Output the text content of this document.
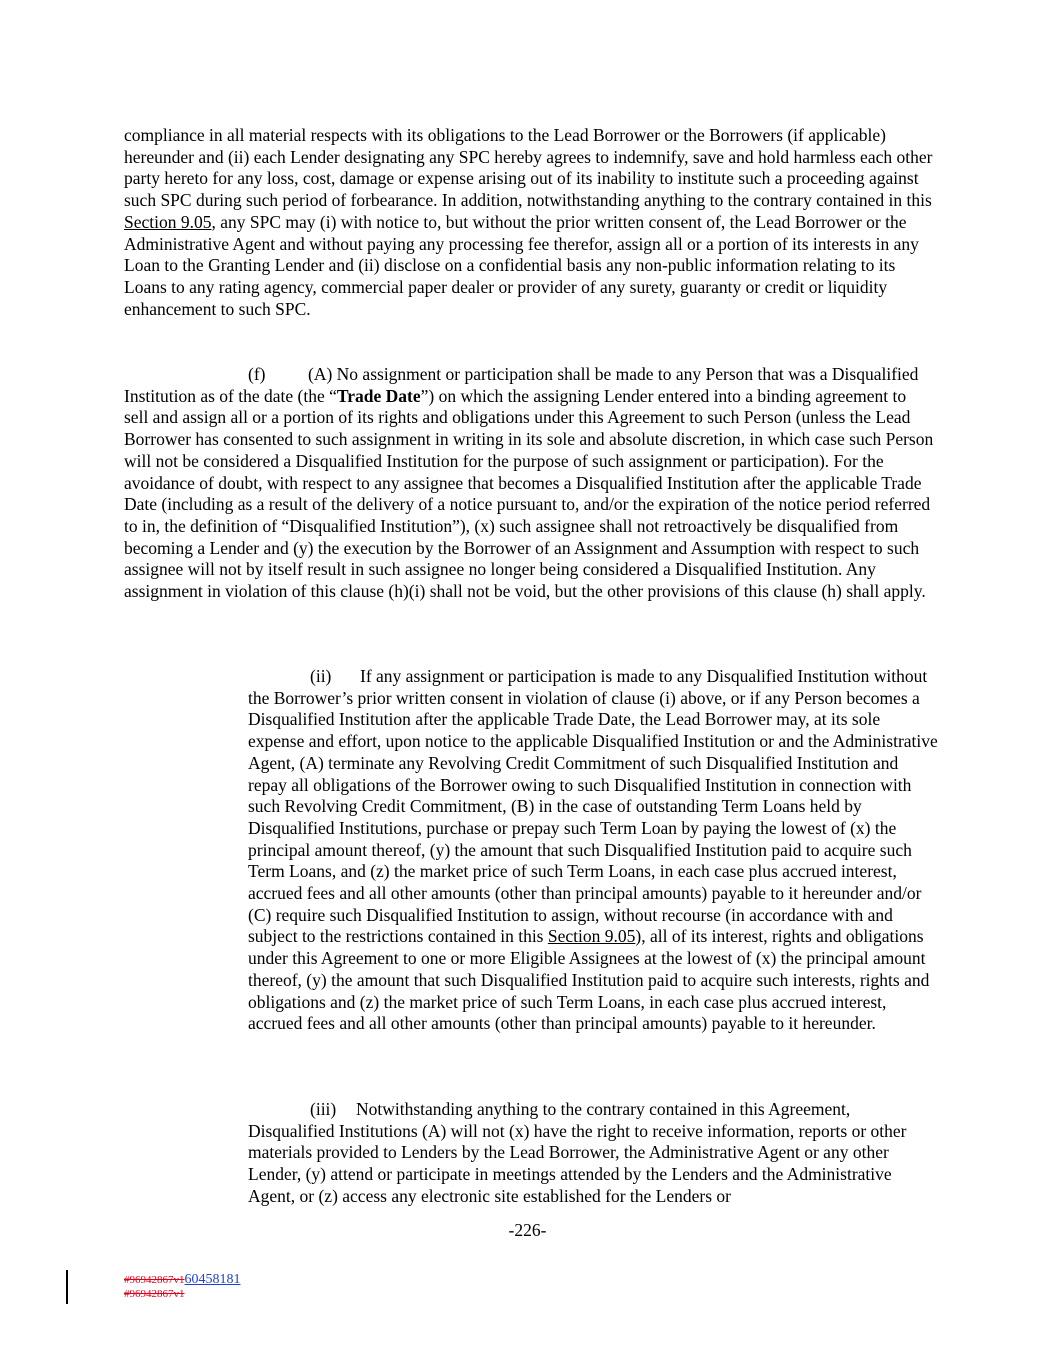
compliance in all material respects with its obligations to the Lead Borrower or the Borrowers (if applicable) hereunder and (ii) each Lender designating any SPC hereby agrees to indemnify, save and hold harmless each other party hereto for any loss, cost, damage or expense arising out of its inability to institute such a proceeding against such SPC during such period of forbearance. In addition, notwithstanding anything to the contrary contained in this Section 9.05, any SPC may (i) with notice to, but without the prior written consent of, the Lead Borrower or the Administrative Agent and without paying any processing fee therefor, assign all or a portion of its interests in any Loan to the Granting Lender and (ii) disclose on a confidential basis any non-public information relating to its Loans to any rating agency, commercial paper dealer or provider of any surety, guaranty or credit or liquidity enhancement to such SPC.

(f) (A) No assignment or participation shall be made to any Person that was a Disqualified Institution as of the date (the “Trade Date”) on which the assigning Lender entered into a binding agreement to sell and assign all or a portion of its rights and obligations under this Agreement to such Person (unless the Lead Borrower has consented to such assignment in writing in its sole and absolute discretion, in which case such Person will not be considered a Disqualified Institution for the purpose of such assignment or participation). For the avoidance of doubt, with respect to any assignee that becomes a Disqualified Institution after the applicable Trade Date (including as a result of the delivery of a notice pursuant to, and/or the expiration of the notice period referred to in, the definition of “Disqualified Institution”), (x) such assignee shall not retroactively be disqualified from becoming a Lender and (y) the execution by the Borrower of an Assignment and Assumption with respect to such assignee will not by itself result in such assignee no longer being considered a Disqualified Institution. Any assignment in violation of this clause (h)(i) shall not be void, but the other provisions of this clause (h) shall apply.

(ii) If any assignment or participation is made to any Disqualified Institution without the Borrower’s prior written consent in violation of clause (i) above, or if any Person becomes a Disqualified Institution after the applicable Trade Date, the Lead Borrower may, at its sole expense and effort, upon notice to the applicable Disqualified Institution or and the Administrative Agent, (A) terminate any Revolving Credit Commitment of such Disqualified Institution and repay all obligations of the Borrower owing to such Disqualified Institution in connection with such Revolving Credit Commitment, (B) in the case of outstanding Term Loans held by Disqualified Institutions, purchase or prepay such Term Loan by paying the lowest of (x) the principal amount thereof, (y) the amount that such Disqualified Institution paid to acquire such Term Loans, and (z) the market price of such Term Loans, in each case plus accrued interest, accrued fees and all other amounts (other than principal amounts) payable to it hereunder and/or (C) require such Disqualified Institution to assign, without recourse (in accordance with and subject to the restrictions contained in this Section 9.05), all of its interest, rights and obligations under this Agreement to one or more Eligible Assignees at the lowest of (x) the principal amount thereof, (y) the amount that such Disqualified Institution paid to acquire such interests, rights and obligations and (z) the market price of such Term Loans, in each case plus accrued interest, accrued fees and all other amounts (other than principal amounts) payable to it hereunder.

(iii) Notwithstanding anything to the contrary contained in this Agreement, Disqualified Institutions (A) will not (x) have the right to receive information, reports or other materials provided to Lenders by the Lead Borrower, the Administrative Agent or any other Lender, (y) attend or participate in meetings attended by the Lenders and the Administrative Agent, or (z) access any electronic site established for the Lenders or

-226-
#96942867v160458181
#96942867v1
